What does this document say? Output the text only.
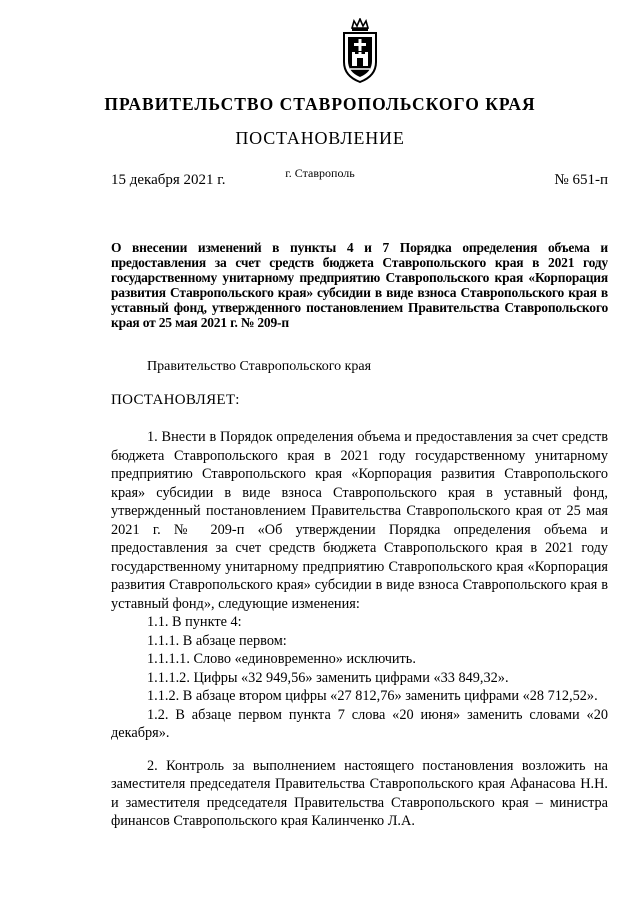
ПРАВИТЕЛЬСТВО СТАВРОПОЛЬСКОГО КРАЯ
ПОСТАНОВЛЕНИЕ
15 декабря 2021 г.	г. Ставрополь	№ 651-п
О внесении изменений в пункты 4 и 7 Порядка определения объема и предоставления за счет средств бюджета Ставропольского края в 2021 году государственному унитарному предприятию Ставропольского края «Корпорация развития Ставропольского края» субсидии в виде взноса Ставропольского края в уставный фонд, утвержденного постановлением Правительства Ставропольского края от 25 мая 2021 г. № 209-п
Правительство Ставропольского края
ПОСТАНОВЛЯЕТ:

1. Внести в Порядок определения объема и предоставления за счет средств бюджета Ставропольского края в 2021 году государственному унитарному предприятию Ставропольского края «Корпорация развития Ставропольского края» субсидии в виде взноса Ставропольского края в уставный фонд, утвержденный постановлением Правительства Ставропольского края от 25 мая 2021 г. № 209-п «Об утверждении Порядка определения объема и предоставления за счет средств бюджета Ставропольского края в 2021 году государственному унитарному предприятию Ставропольского края «Корпорация развития Ставропольского края» субсидии в виде взноса Ставропольского края в уставный фонд», следующие изменения:

1.1. В пункте 4:

1.1.1. В абзаце первом:

1.1.1.1. Слово «единовременно» исключить.

1.1.1.2. Цифры «32 949,56» заменить цифрами «33 849,32».

1.1.2. В абзаце втором цифры «27 812,76» заменить цифрами «28 712,52».

1.2. В абзаце первом пункта 7 слова «20 июня» заменить словами «20 декабря».

2. Контроль за выполнением настоящего постановления возложить на заместителя председателя Правительства Ставропольского края Афанасова Н.Н. и заместителя председателя Правительства Ставропольского края – министра финансов Ставропольского края Калинченко Л.А.
